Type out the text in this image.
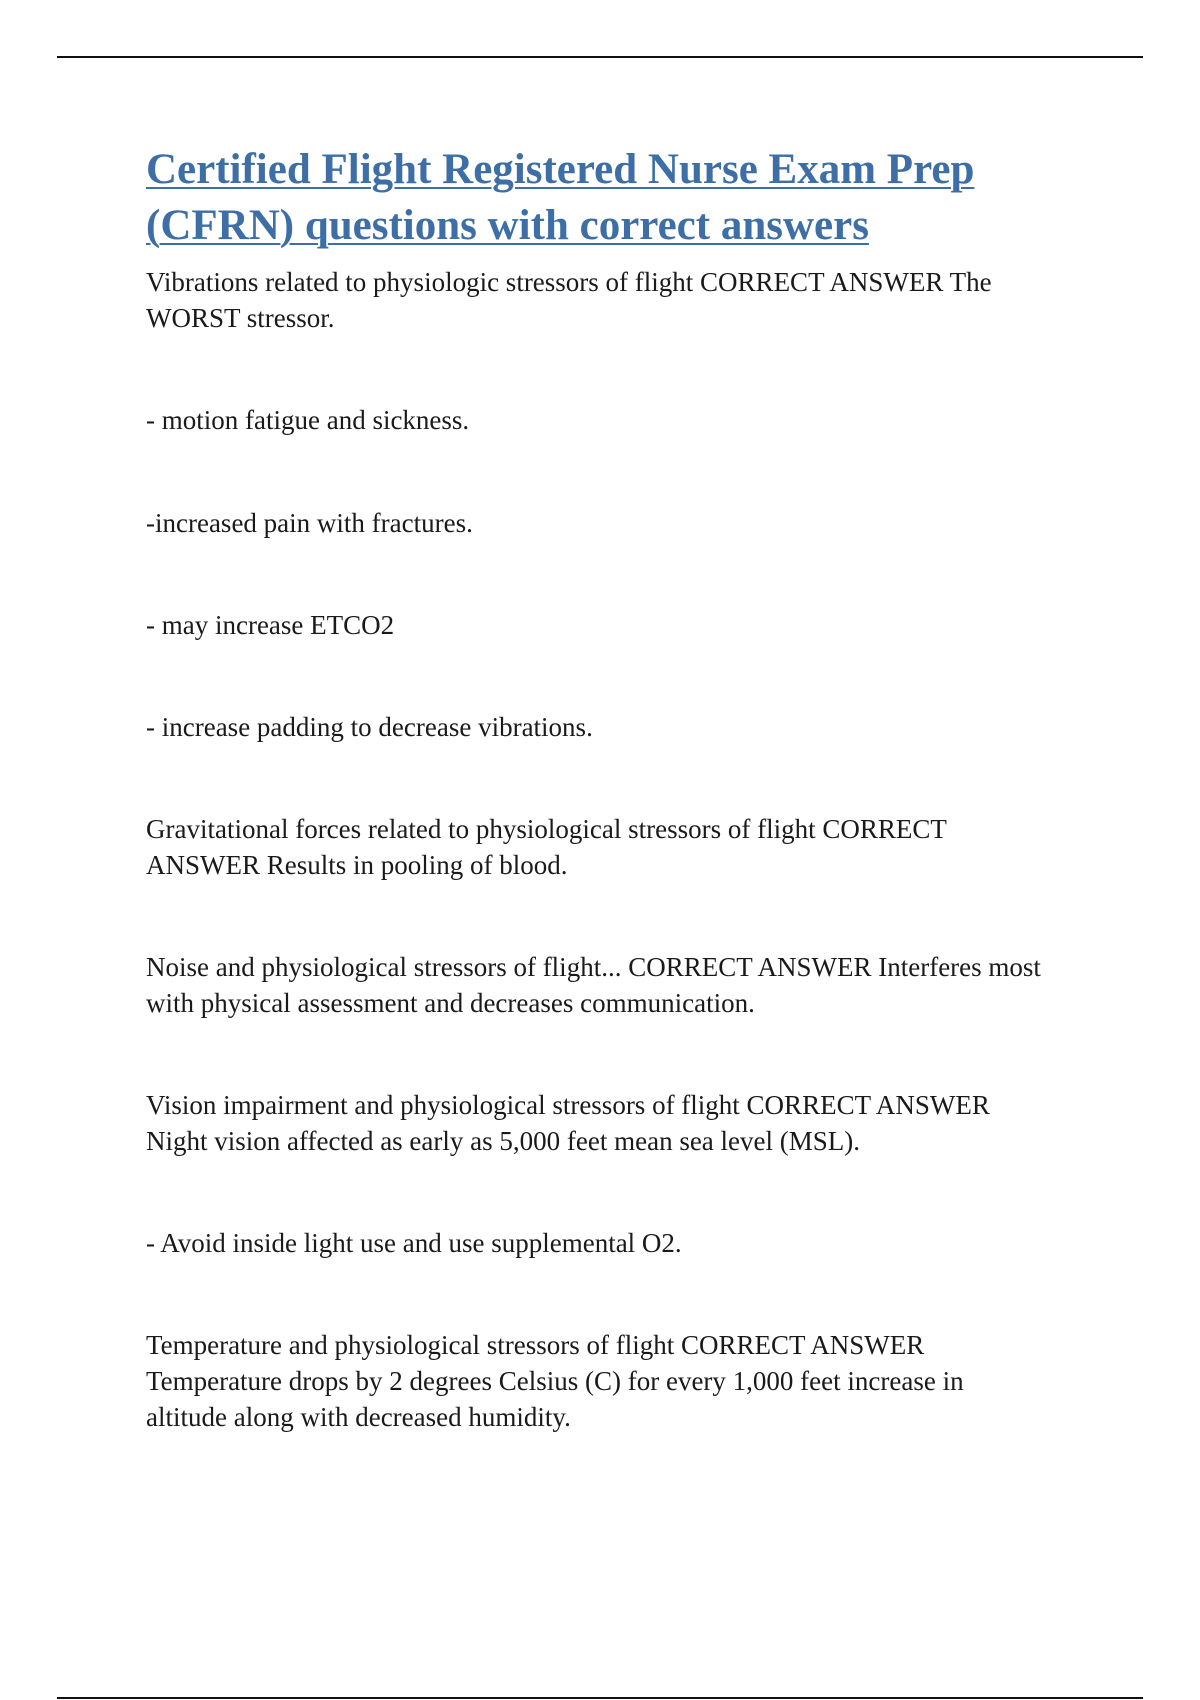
Certified Flight Registered Nurse Exam Prep
(CFRN) questions with correct answers

Vibrations related to physiologic stressors of flight CORRECT ANSWER The
WORST stressor.

- motion fatigue and sickness.

-increased pain with fractures.

- may increase ETCO2

- increase padding to decrease vibrations.

Gravitational forces related to physiological stressors of flight CORRECT
ANSWER Results in pooling of blood.

Noise and physiological stressors of flight... CORRECT ANSWER Interferes most
with physical assessment and decreases communication.

Vision impairment and physiological stressors of flight CORRECT ANSWER
Night vision affected as early as 5,000 feet mean sea level (MSL).

- Avoid inside light use and use supplemental O2.

Temperature and physiological stressors of flight CORRECT ANSWER
Temperature drops by 2 degrees Celsius (C) for every 1,000 feet increase in
altitude along with decreased humidity.
